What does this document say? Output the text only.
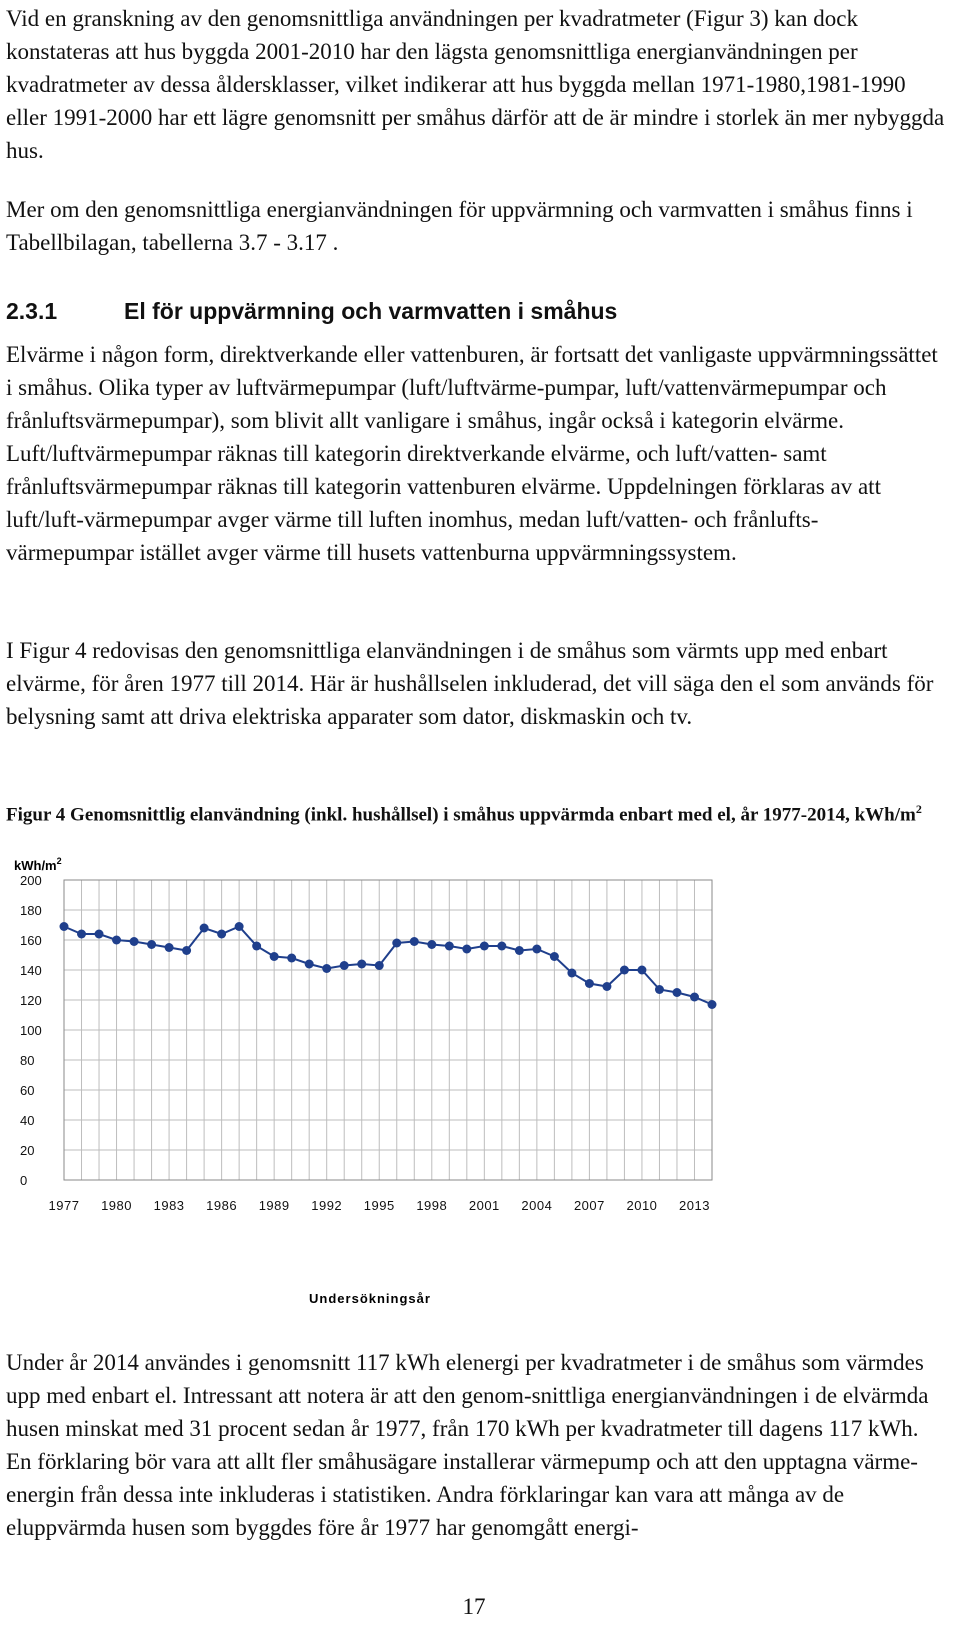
Vid en granskning av den genomsnittliga användningen per kvadratmeter (Figur 3) kan dock konstateras att hus byggda 2001-2010 har den lägsta genomsnittliga energianvändningen per kvadratmeter av dessa åldersklasser, vilket indikerar att hus byggda mellan 1971-1980,1981-1990 eller 1991-2000 har ett lägre genomsnitt per småhus därför att de är mindre i storlek än mer nybyggda hus.

Mer om den genomsnittliga energianvändningen för uppvärmning och varmvatten i småhus finns i Tabellbilagan, tabellerna 3.7 - 3.17 .

2.3.1	El för uppvärmning och varmvatten i småhus

Elvärme i någon form, direktverkande eller vattenburen, är fortsatt det vanligaste uppvärmningssättet i småhus. Olika typer av luftvärmepumpar (luft/luftvärme-pumpar, luft/vattenvärmepumpar och frånluftsvärmepumpar), som blivit allt vanligare i småhus, ingår också i kategorin elvärme. Luft/luftvärmepumpar räknas till kategorin direktverkande elvärme, och luft/vatten- samt frånluftsvärmepumpar räknas till kategorin vattenburen elvärme. Uppdelningen förklaras av att luft/luft-värmepumpar avger värme till luften inomhus, medan luft/vatten- och frånlufts-värmepumpar istället avger värme till husets vattenburna uppvärmningssystem.

I Figur 4 redovisas den genomsnittliga elanvändningen i de småhus som värmts upp med enbart elvärme, för åren 1977 till 2014. Här är hushållselen inkluderad, det vill säga den el som används för belysning samt att driva elektriska apparater som dator, diskmaskin och tv.

Figur 4 Genomsnittlig elanvändning (inkl. hushållsel) i småhus uppvärmda enbart med el, år 1977-2014, kWh/$m^2$
kWh/$m^2$
0
20
40
60
80
100
120
140
160
180
200
1977 1980 1983 1986 1989 1992 1995 1998 2001 2004 2007 2010 2013
Undersökningsår

Under år 2014 användes i genomsnitt 117 kWh elenergi per kvadratmeter i de småhus som värmdes upp med enbart el. Intressant att notera är att den genom-snittliga energianvändningen i de elvärmda husen minskat med 31 procent sedan år 1977, från 170 kWh per kvadratmeter till dagens 117 kWh. En förklaring bör vara att allt fler småhusägare installerar värmepump och att den upptagna värme-energin från dessa inte inkluderas i statistiken. Andra förklaringar kan vara att många av de eluppvärmda husen som byggdes före år 1977 har genomgått energi-

17
